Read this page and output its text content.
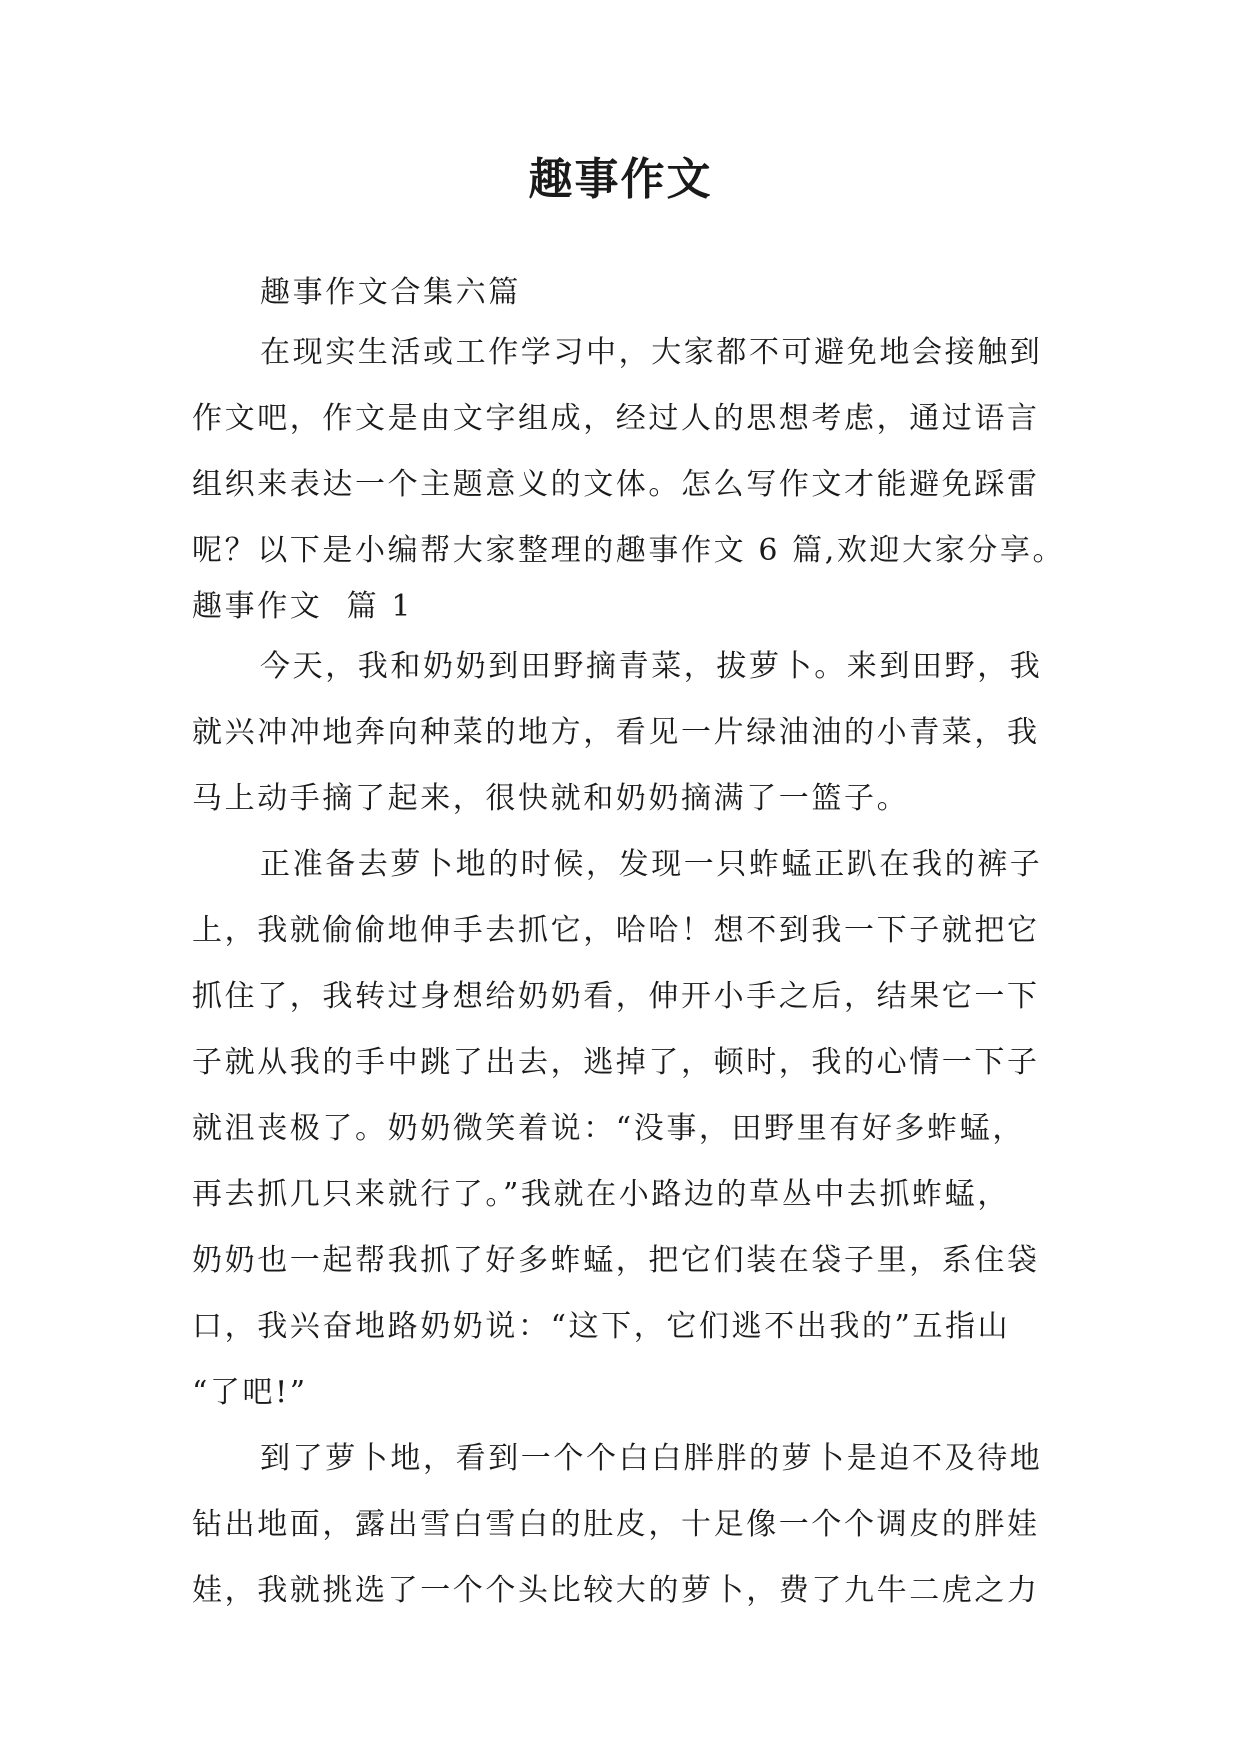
趣事作文
趣事作文合集六篇
在现实生活或工作学习中，大家都不可避免地会接触到
作文吧，作文是由文字组成，经过人的思想考虑，通过语言
组织来表达一个主题意义的文体。怎么写作文才能避免踩雷
呢？以下是小编帮大家整理的趣事作文 6 篇,欢迎大家分享。
趣事作文  篇 1
今天，我和奶奶到田野摘青菜，拔萝卜。来到田野，我
就兴冲冲地奔向种菜的地方，看见一片绿油油的小青菜，我
马上动手摘了起来，很快就和奶奶摘满了一篮子。
正准备去萝卜地的时候，发现一只蚱蜢正趴在我的裤子
上，我就偷偷地伸手去抓它，哈哈！想不到我一下子就把它
抓住了，我转过身想给奶奶看，伸开小手之后，结果它一下
子就从我的手中跳了出去，逃掉了，顿时，我的心情一下子
就沮丧极了。奶奶微笑着说：“没事，田野里有好多蚱蜢，
再去抓几只来就行了。”我就在小路边的草丛中去抓蚱蜢，
奶奶也一起帮我抓了好多蚱蜢，把它们装在袋子里，系住袋
口，我兴奋地路奶奶说：“这下，它们逃不出我的”五指山
“了吧!”
到了萝卜地，看到一个个白白胖胖的萝卜是迫不及待地
钻出地面，露出雪白雪白的肚皮，十足像一个个调皮的胖娃
娃，我就挑选了一个个头比较大的萝卜，费了九牛二虎之力
